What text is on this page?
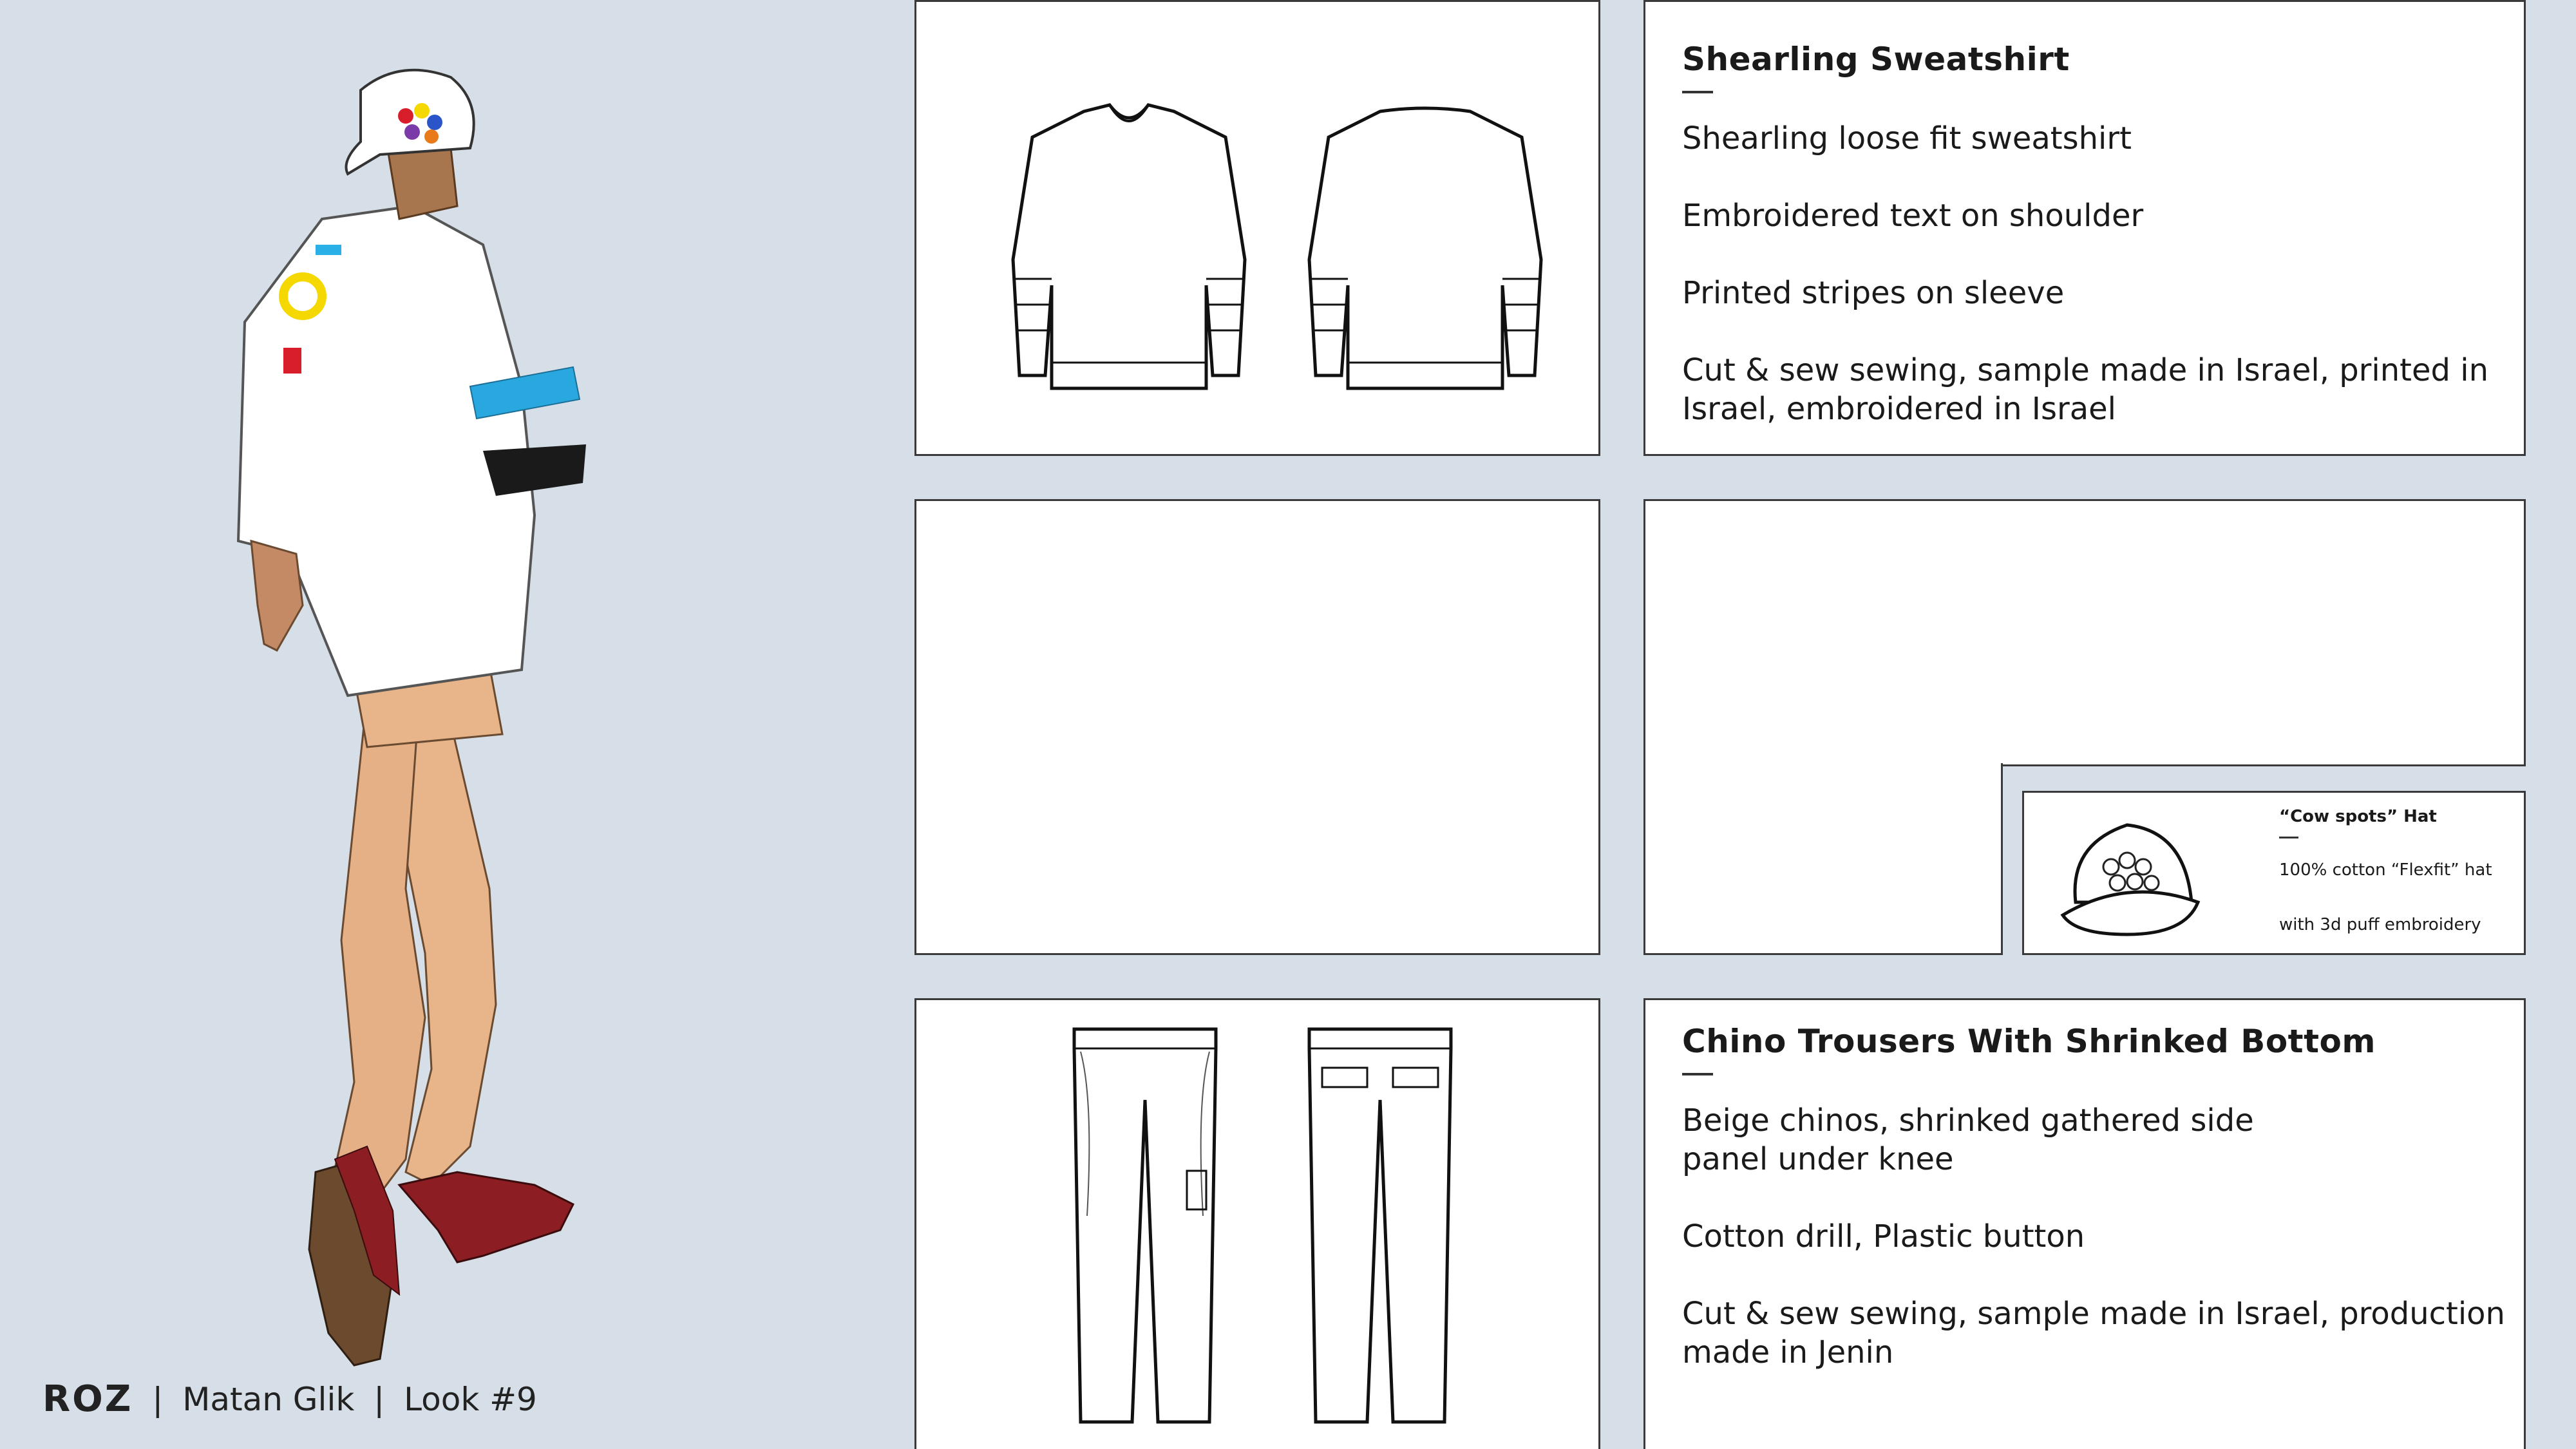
Shearling Sweatshirt
Shearling loose fit sweatshirt
Embroidered text on shoulder
Printed stripes on sleeve
Cut & sew sewing, sample made in Israel, printed in
Israel, embroidered in Israel
“Cow spots” Hat
100% cotton “Flexfit” hat
with 3d puff embroidery
Chino Trousers With Shrinked Bottom
Beige chinos, shrinked gathered side
panel under knee
Cotton drill, Plastic button
Cut & sew sewing, sample made in Israel, production
made in Jenin
ROZ | Matan Glik | Look #9
